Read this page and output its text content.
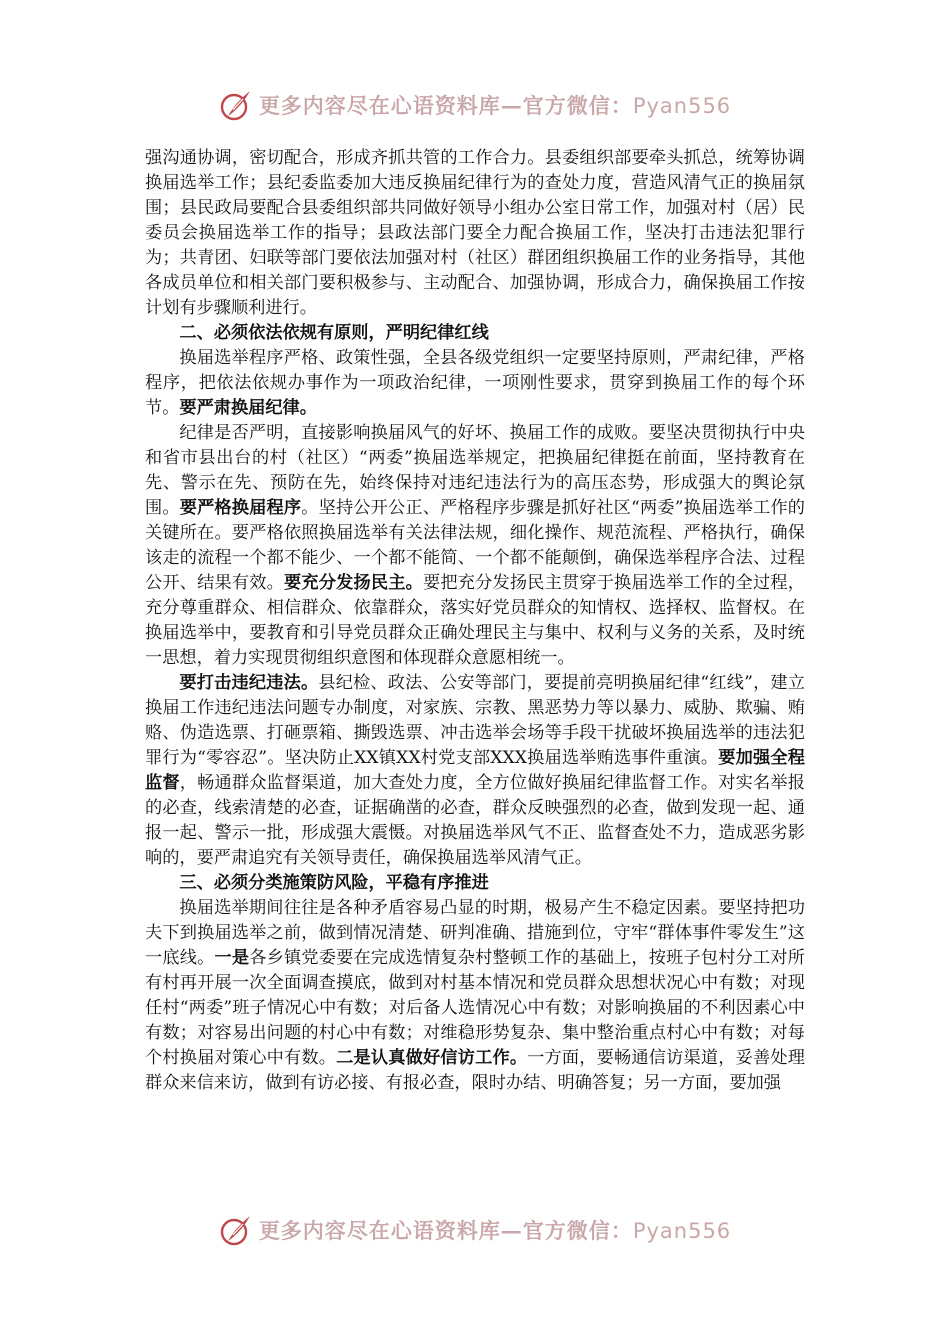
更多内容尽在心语资料库—官方微信：Pyan556

强沟通协调，密切配合，形成齐抓共管的工作合力。县委组织部要牵头抓总，统筹协调换届选举工作；县纪委监委加大违反换届纪律行为的查处力度，营造风清气正的换届氛围；县民政局要配合县委组织部共同做好领导小组办公室日常工作，加强对村（居）民委员会换届选举工作的指导；县政法部门要全力配合换届工作，坚决打击违法犯罪行为；共青团、妇联等部门要依法加强对村（社区）群团组织换届工作的业务指导，其他各成员单位和相关部门要积极参与、主动配合、加强协调，形成合力，确保换届工作按计划有步骤顺利进行。

二、必须依法依规有原则，严明纪律红线

换届选举程序严格、政策性强，全县各级党组织一定要坚持原则，严肃纪律，严格程序，把依法依规办事作为一项政治纪律，一项刚性要求，贯穿到换届工作的每个环节。要严肃换届纪律。

纪律是否严明，直接影响换届风气的好坏、换届工作的成败。要坚决贯彻执行中央和省市县出台的村（社区）“两委”换届选举规定，把换届纪律挺在前面，坚持教育在先、警示在先、预防在先，始终保持对违纪违法行为的高压态势，形成强大的舆论氛围。要严格换届程序。坚持公开公正、严格程序步骤是抓好社区“两委”换届选举工作的关键所在。要严格依照换届选举有关法律法规，细化操作、规范流程、严格执行，确保该走的流程一个都不能少、一个都不能简、一个都不能颠倒，确保选举程序合法、过程公开、结果有效。要充分发扬民主。要把充分发扬民主贯穿于换届选举工作的全过程，充分尊重群众、相信群众、依靠群众，落实好党员群众的知情权、选择权、监督权。在换届选举中，要教育和引导党员群众正确处理民主与集中、权利与义务的关系，及时统一思想，着力实现贯彻组织意图和体现群众意愿相统一。

要打击违纪违法。县纪检、政法、公安等部门，要提前亮明换届纪律“红线”，建立换届工作违纪违法问题专办制度，对家族、宗教、黑恶势力等以暴力、威胁、欺骗、贿赂、伪造选票、打砸票箱、撕毁选票、冲击选举会场等手段干扰破坏换届选举的违法犯罪行为“零容忍”。坚决防止XX镇XX村党支部XXX换届选举贿选事件重演。要加强全程监督，畅通群众监督渠道，加大查处力度，全方位做好换届纪律监督工作。对实名举报的必查，线索清楚的必查，证据确凿的必查，群众反映强烈的必查，做到发现一起、通报一起、警示一批，形成强大震慑。对换届选举风气不正、监督查处不力，造成恶劣影响的，要严肃追究有关领导责任，确保换届选举风清气正。

三、必须分类施策防风险，平稳有序推进

换届选举期间往往是各种矛盾容易凸显的时期，极易产生不稳定因素。要坚持把功夫下到换届选举之前，做到情况清楚、研判准确、措施到位，守牢“群体事件零发生”这一底线。一是各乡镇党委要在完成选情复杂村整顿工作的基础上，按班子包村分工对所有村再开展一次全面调查摸底，做到对村基本情况和党员群众思想状况心中有数；对现任村“两委”班子情况心中有数；对后备人选情况心中有数；对影响换届的不利因素心中有数；对容易出问题的村心中有数；对维稳形势复杂、集中整治重点村心中有数；对每个村换届对策心中有数。二是认真做好信访工作。一方面，要畅通信访渠道，妥善处理群众来信来访，做到有访必接、有报必查，限时办结、明确答复；另一方面，要加强

更多内容尽在心语资料库—官方微信：Pyan556
